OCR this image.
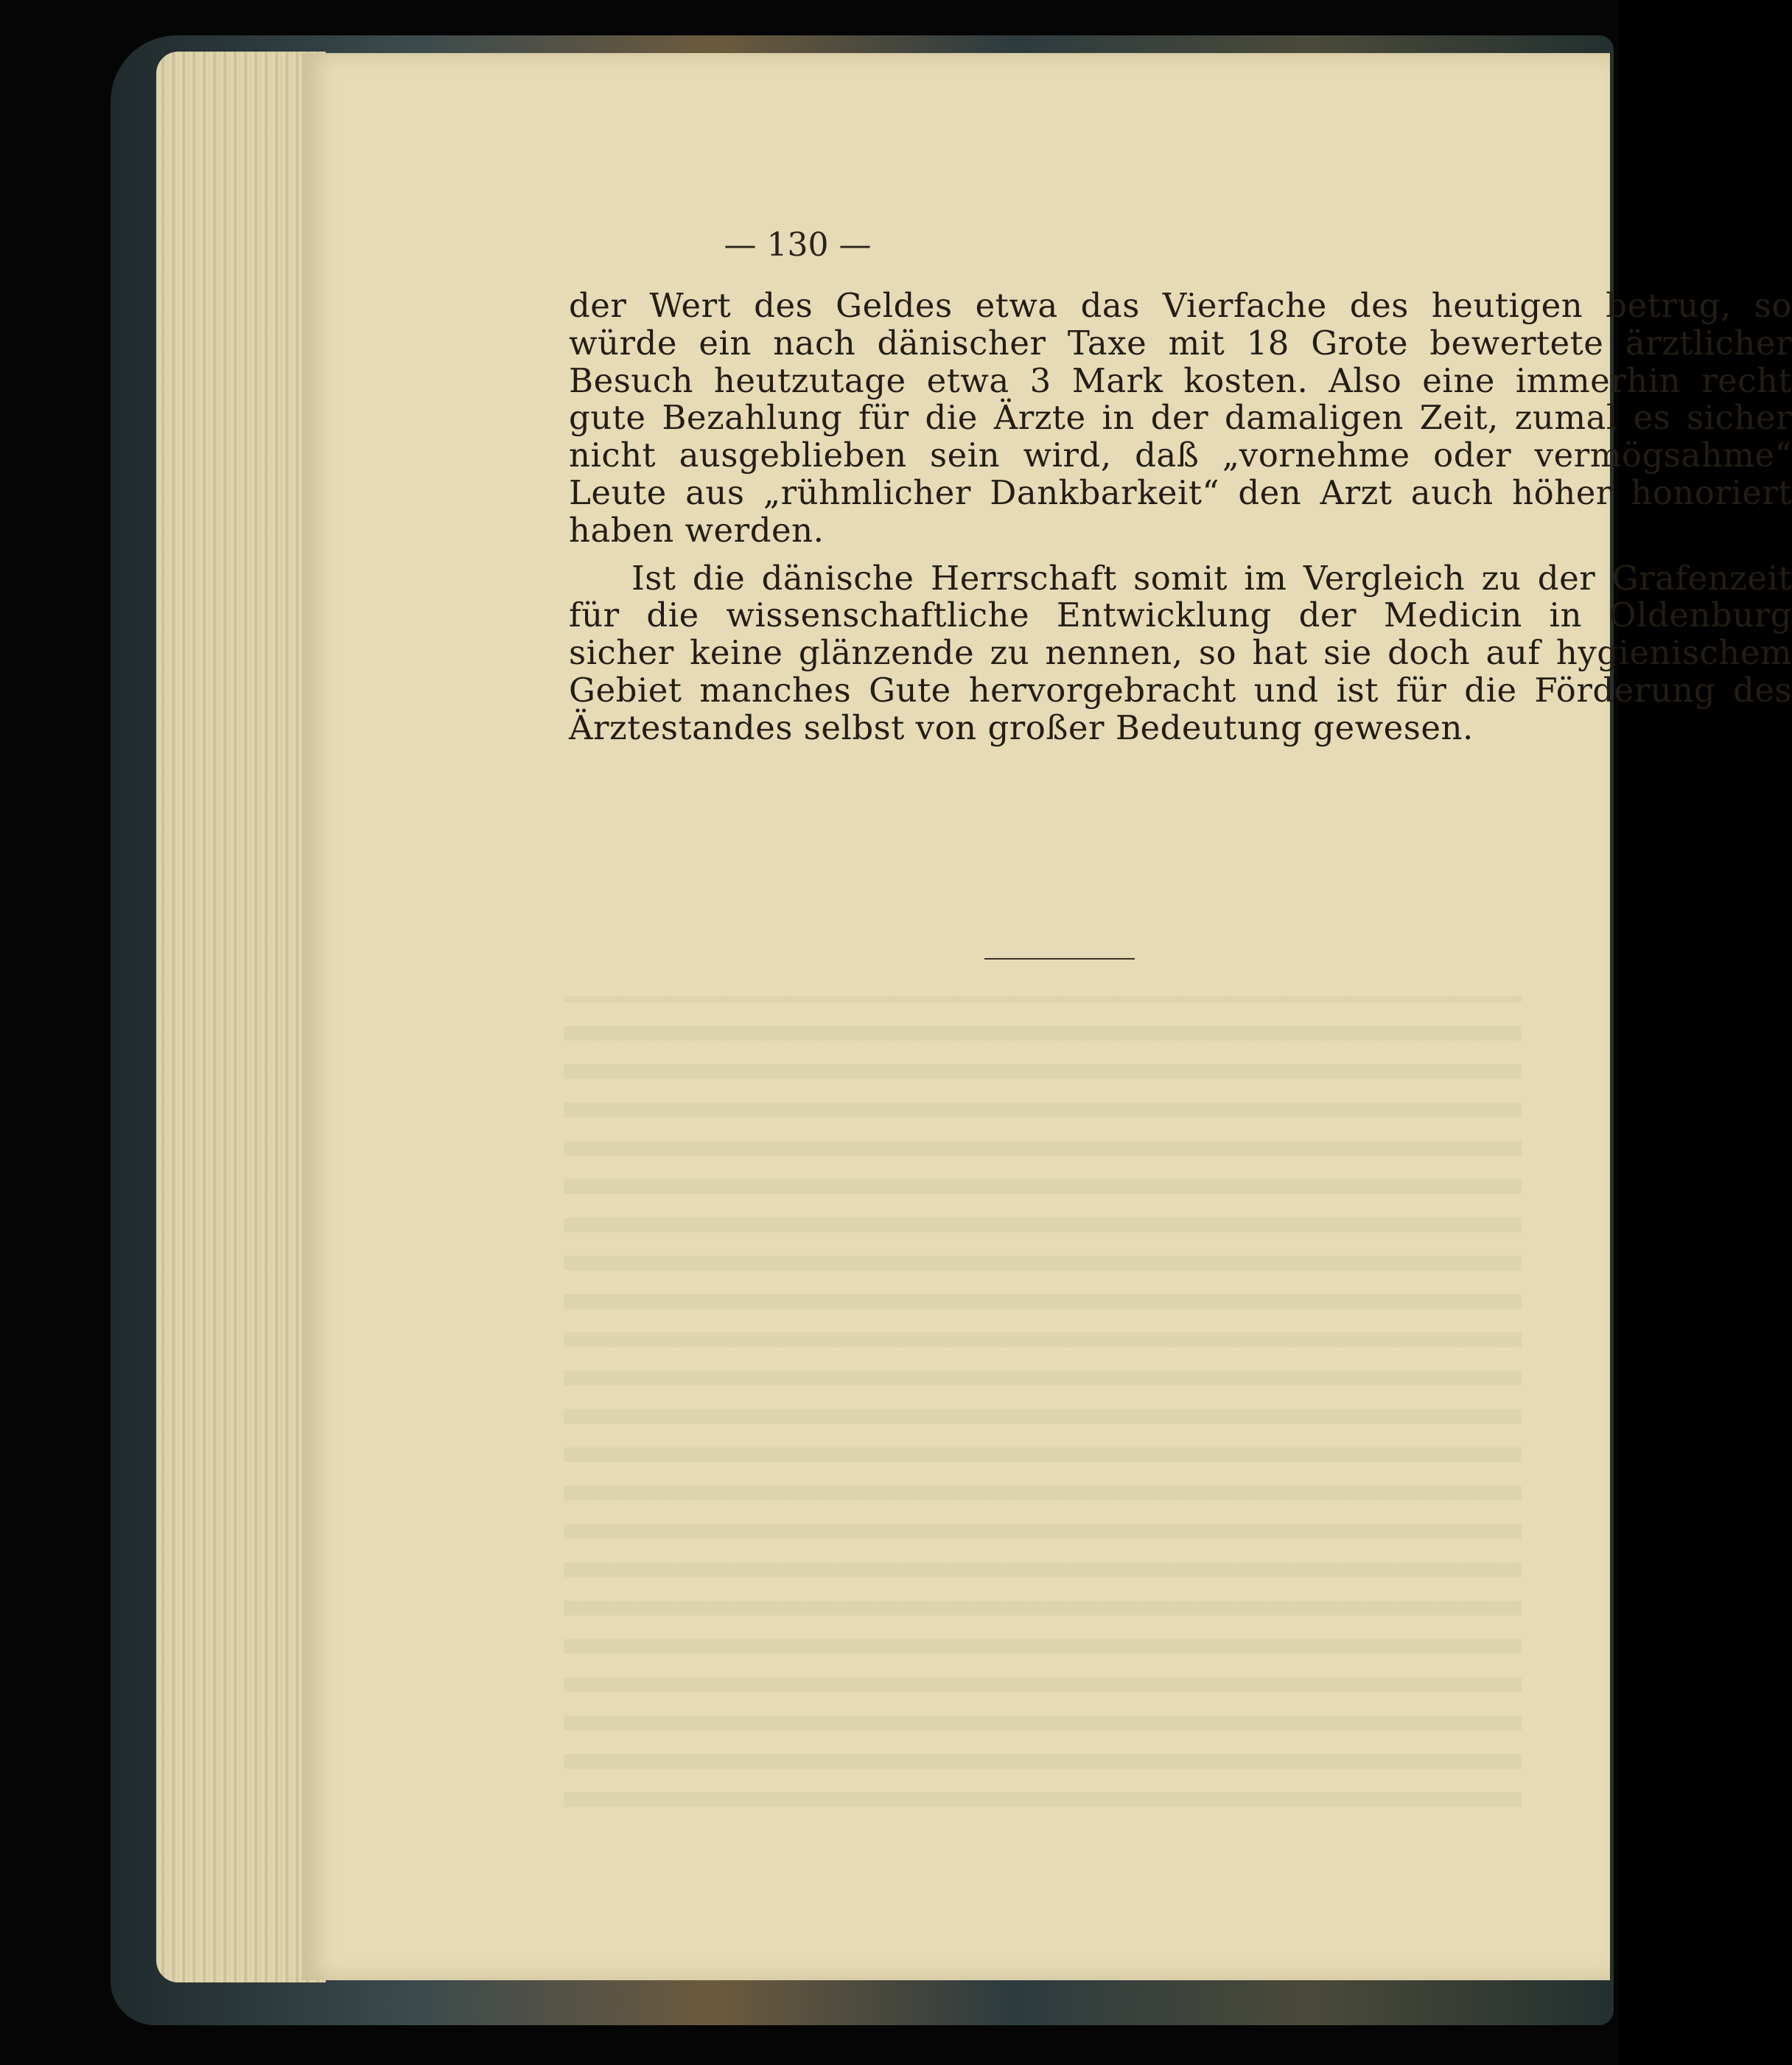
— 130 —

der Wert des Geldes etwa das Vierfache des heutigen betrug, so würde ein nach dänischer Taxe mit 18 Grote bewertete ärztlicher Besuch heutzutage etwa 3 Mark kosten. Also eine immerhin recht gute Bezahlung für die Ärzte in der damaligen Zeit, zumal es sicher nicht ausgeblieben sein wird, daß „vornehme oder vermögsahme“ Leute aus „rühmlicher Dankbarkeit“ den Arzt auch höher honoriert haben werden.

Ist die dänische Herrschaft somit im Vergleich zu der Grafenzeit für die wissenschaftliche Entwicklung der Medicin in Oldenburg sicher keine glänzende zu nennen, so hat sie doch auf hygienischem Gebiet manches Gute hervorgebracht und ist für die Förderung des Ärztestandes selbst von großer Bedeutung gewesen.
